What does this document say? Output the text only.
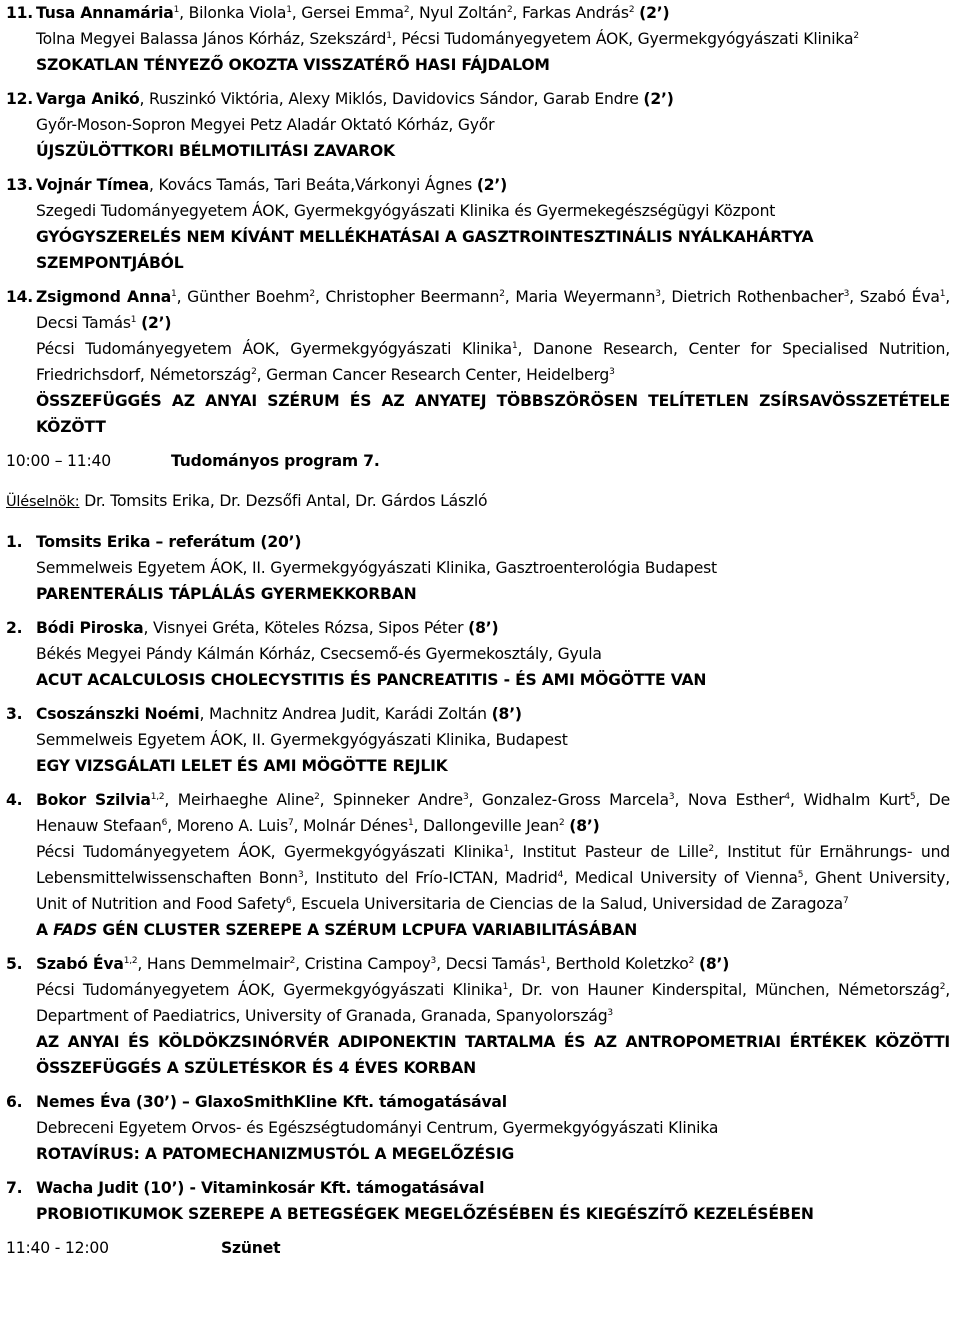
11. Tusa Annamária$^1$, Bilonka Viola$^1$, Gersei Emma$^2$, Nyul Zoltán$^2$, Farkas András$^2$ (2’)
Tolna Megyei Balassa János Kórház, Szekszárd$^1$, Pécsi Tudományegyetem ÁOK, Gyermekgyógyászati Klinika$^2$
SZOKATLAN TÉNYEZŐ OKOZTA VISSZATÉRŐ HASI FÁJDALOM
12. Varga Anikó, Ruszinkó Viktória, Alexy Miklós, Davidovics Sándor, Garab Endre (2’)
Győr-Moson-Sopron Megyei Petz Aladár Oktató Kórház, Győr
ÚJSZÜLÖTTKORI BÉLMOTILITÁSI ZAVAROK
13. Vojnár Tímea, Kovács Tamás, Tari Beáta,Várkonyi Ágnes (2’)
Szegedi Tudományegyetem ÁOK, Gyermekgyógyászati Klinika és Gyermekegészségügyi Központ
GYÓGYSZERELÉS NEM KÍVÁNT MELLÉKHATÁSAI A GASZTROINTESZTINÁLIS NYÁLKAHÁRTYA SZEMPONTJÁBÓL
14. Zsigmond Anna$^1$, Günther Boehm$^2$, Christopher Beermann$^2$, Maria Weyermann$^3$, Dietrich Rothenbacher$^3$, Szabó Éva$^1$, Decsi Tamás$^1$ (2’)
Pécsi Tudományegyetem ÁOK, Gyermekgyógyászati Klinika$^1$, Danone Research, Center for Specialised Nutrition, Friedrichsdorf, Németország$^2$, German Cancer Research Center, Heidelberg$^3$
ÖSSZEFÜGGÉS AZ ANYAI SZÉRUM ÉS AZ ANYATEJ TÖBBSZÖRÖSEN TELÍTETLEN ZSÍRSAVÖSSZETÉTELE KÖZÖTT
10:00 – 11:40	Tudományos program 7.
Üléselnök: Dr. Tomsits Erika, Dr. Dezsőfi Antal, Dr. Gárdos László
1. Tomsits Erika – referátum (20’)
Semmelweis Egyetem ÁOK, II. Gyermekgyógyászati Klinika, Gasztroenterológia Budapest
PARENTERÁLIS TÁPLÁLÁS GYERMEKKORBAN
2. Bódi Piroska, Visnyei Gréta, Köteles Rózsa, Sipos Péter (8’)
Békés Megyei Pándy Kálmán Kórház, Csecsemő-és Gyermekosztály, Gyula
ACUT ACALCULOSIS CHOLECYSTITIS ÉS PANCREATITIS - ÉS AMI MÖGÖTTE VAN
3. Csoszánszki Noémi, Machnitz Andrea Judit, Karádi Zoltán (8’)
Semmelweis Egyetem ÁOK, II. Gyermekgyógyászati Klinika, Budapest
EGY VIZSGÁLATI LELET ÉS AMI MÖGÖTTE REJLIK
4. Bokor Szilvia$^{1,2}$, Meirhaeghe Aline$^2$, Spinneker Andre$^3$, Gonzalez-Gross Marcela$^3$, Nova Esther$^4$, Widhalm Kurt$^5$, De Henauw Stefaan$^6$, Moreno A. Luis$^7$, Molnár Dénes$^1$, Dallongeville Jean$^2$ (8’)
Pécsi Tudományegyetem ÁOK, Gyermekgyógyászati Klinika$^1$, Institut Pasteur de Lille$^2$, Institut für Ernährungs- und Lebensmittelwissenschaften Bonn$^3$, Instituto del Frío-ICTAN, Madrid$^4$, Medical University of Vienna$^5$, Ghent University, Unit of Nutrition and Food Safety$^6$, Escuela Universitaria de Ciencias de la Salud, Universidad de Zaragoza$^7$
A FADS GÉN CLUSTER SZEREPE A SZÉRUM LCPUFA VARIABILITÁSÁBAN
5. Szabó Éva$^{1,2}$, Hans Demmelmair$^2$, Cristina Campoy$^3$, Decsi Tamás$^1$, Berthold Koletzko$^2$ (8’)
Pécsi Tudományegyetem ÁOK, Gyermekgyógyászati Klinika$^1$, Dr. von Hauner Kinderspital, München, Németország$^2$, Department of Paediatrics, University of Granada, Granada, Spanyolország$^3$
AZ ANYAI ÉS KÖLDÖKZSINÓRVÉR ADIPONEKTIN TARTALMA ÉS AZ ANTROPOMETRIAI ÉRTÉKEK KÖZÖTTI ÖSSZEFÜGGÉS A SZÜLETÉSKOR ÉS 4 ÉVES KORBAN
6. Nemes Éva (30’) – GlaxoSmithKline Kft. támogatásával
Debreceni Egyetem Orvos- és Egészségtudományi Centrum, Gyermekgyógyászati Klinika
ROTAVÍRUS: A PATOMECHANIZMUSTÓL A MEGELŐZÉSIG
7. Wacha Judit (10’) - Vitaminkosár Kft. támogatásával
PROBIOTIKUMOK SZEREPE A BETEGSÉGEK MEGELŐZÉSÉBEN ÉS KIEGÉSZÍTŐ KEZELÉSÉBEN
11:40 - 12:00	Szünet
